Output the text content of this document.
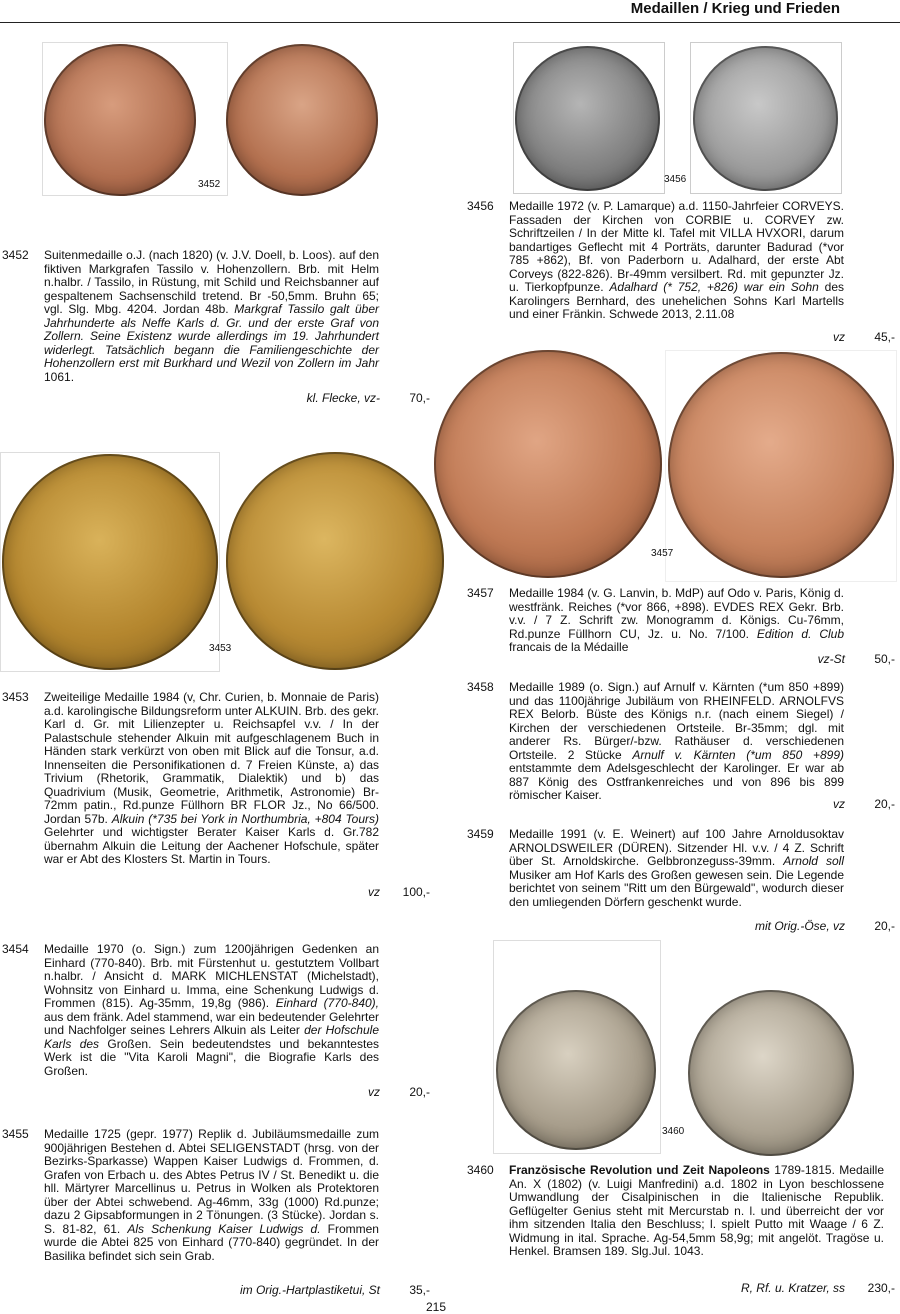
Medaillen / Krieg und Frieden
3452	3456
3457
3453
3460
3452 Suitenmedaille o.J. (nach 1820) (v. J.V. Doell, b. Loos). auf den fiktiven Markgrafen Tassilo v. Hohenzollern. Brb. mit Helm n.halbr. / Tassilo, in Rüstung, mit Schild und Reichsbanner auf gespaltenem Sachsenschild tretend. Br -50,5mm. Bruhn 65; vgl. Slg. Mbg. 4204. Jordan 48b. Markgraf Tassilo galt über Jahrhunderte als Neffe Karls d. Gr. und der erste Graf von Zollern. Seine Existenz wurde allerdings im 19. Jahrhundert widerlegt. Tatsächlich begann die Familiengeschichte der Hohenzollern erst mit Burkhard und Wezil von Zollern im Jahr 1061.
kl. Flecke, vz-	70,-
3453 Zweiteilige Medaille 1984 (v, Chr. Curien, b. Monnaie de Paris) a.d. karolingische Bildungsreform unter ALKUIN. Brb. des gekr. Karl d. Gr. mit Lilienzepter u. Reichsapfel v.v. / In der Palastschule stehender Alkuin mit aufgeschlagenem Buch in Händen stark verkürzt von oben mit Blick auf die Tonsur, a.d. Innenseiten die Personifikationen d. 7 Freien Künste, a) das Trivium (Rhetorik, Grammatik, Dialektik) und b) das Quadrivium (Musik, Geometrie, Arithmetik, Astronomie) Br-72mm patin., Rd.punze Füllhorn BR FLOR Jz., No 66/500. Jordan 57b. Alkuin (*735 bei York in Northumbria, +804 Tours) Gelehrter und wichtigster Berater Kaiser Karls d. Gr.782 übernahm Alkuin die Leitung der Aachener Hofschule, später war er Abt des Klosters St. Martin in Tours.
vz	100,-
3454 Medaille 1970 (o. Sign.) zum 1200jährigen Gedenken an Einhard (770-840). Brb. mit Fürstenhut u. gestutztem Vollbart n.halbr. / Ansicht d. MARK MICHLENSTAT (Michelstadt), Wohnsitz von Einhard u. Imma, eine Schenkung Ludwigs d. Frommen (815). Ag-35mm, 19,8g (986). Einhard (770-840), aus dem fränk. Adel stammend, war ein bedeutender Gelehrter und Nachfolger seines Lehrers Alkuin als Leiter der Hofschule Karls des Großen. Sein bedeutendstes und bekanntestes Werk ist die "Vita Karoli Magni", die Biografie Karls des Großen.
vz	20,-
3455 Medaille 1725 (gepr. 1977) Replik d. Jubiläumsmedaille zum 900jährigen Bestehen d. Abtei SELIGENSTADT (hrsg. von der Bezirks-Sparkasse) Wappen Kaiser Ludwigs d. Frommen, d. Grafen von Erbach u. des Abtes Petrus IV / St. Benedikt u. die hll. Märtyrer Marcellinus u. Petrus in Wolken als Protektoren über der Abtei schwebend. Ag-46mm, 33g (1000) Rd.punze; dazu 2 Gipsabformungen in 2 Tönungen. (3 Stücke). Jordan s. S. 81-82, 61. Als Schenkung Kaiser Ludwigs d. Frommen wurde die Abtei 825 von Einhard (770-840) gegründet. In der Basilika befindet sich sein Grab.
im Orig.-Hartplastiketui, St	35,-
3456 Medaille 1972 (v. P. Lamarque) a.d. 1150-Jahrfeier CORVEYS. Fassaden der Kirchen von CORBIE u. CORVEY zw. Schriftzeilen / In der Mitte kl. Tafel mit VILLA HVXORI, darum bandartiges Geflecht mit 4 Porträts, darunter Badurad (*vor 785 +862), Bf. von Paderborn u. Adalhard, der erste Abt Corveys (822-826). Br-49mm versilbert. Rd. mit gepunzter Jz. u. Tierkopfpunze. Adalhard (* 752, +826) war ein Sohn des Karolingers Bernhard, des unehelichen Sohns Karl Martells und einer Fränkin. Schwede 2013, 2.11.08
vz	45,-
3457 Medaille 1984 (v. G. Lanvin, b. MdP) auf Odo v. Paris, König d. westfränk. Reiches (*vor 866, +898). EVDES REX Gekr. Brb. v.v. / 7 Z. Schrift zw. Monogramm d. Königs. Cu-76mm, Rd.punze Füllhorn CU, Jz. u. No. 7/100. Edition d. Club francais de la Médaille
vz-St	50,-
3458 Medaille 1989 (o. Sign.) auf Arnulf v. Kärnten (*um 850 +899) und das 1100jährige Jubiläum von RHEINFELD. ARNOLFVS REX Belorb. Büste des Königs n.r. (nach einem Siegel) / Kirchen der verschiedenen Ortsteile. Br-35mm; dgl. mit anderer Rs. Bürger/-bzw. Rathäuser d. verschiedenen Ortsteile. 2 Stücke Arnulf v. Kärnten (*um 850 +899) entstammte dem Adelsgeschlecht der Karolinger. Er war ab 887 König des Ostfrankenreiches und von 896 bis 899 römischer Kaiser.
vz	20,-
3459 Medaille 1991 (v. E. Weinert) auf 100 Jahre Arnoldusoktav ARNOLDSWEILER (DÜREN). Sitzender Hl. v.v. / 4 Z. Schrift über St. Arnoldskirche. Gelbbronzeguss-39mm. Arnold soll Musiker am Hof Karls des Großen gewesen sein. Die Legende berichtet von seinem "Ritt um den Bürgewald", wodurch dieser den umliegenden Dörfern geschenkt wurde.
mit Orig.-Öse, vz	20,-
3460 Französische Revolution und Zeit Napoleons 1789-1815. Medaille An. X (1802) (v. Luigi Manfredini) a.d. 1802 in Lyon beschlossene Umwandlung der Cisalpinischen in die Italienische Republik. Geflügelter Genius steht mit Mercurstab n. l. und überreicht der vor ihm sitzenden Italia den Beschluss; l. spielt Putto mit Waage / 6 Z. Widmung in ital. Sprache. Ag-54,5mm 58,9g; mit angelöt. Tragöse u. Henkel. Bramsen 189. Slg.Jul. 1043.
R, Rf. u. Kratzer, ss	230,-
215
